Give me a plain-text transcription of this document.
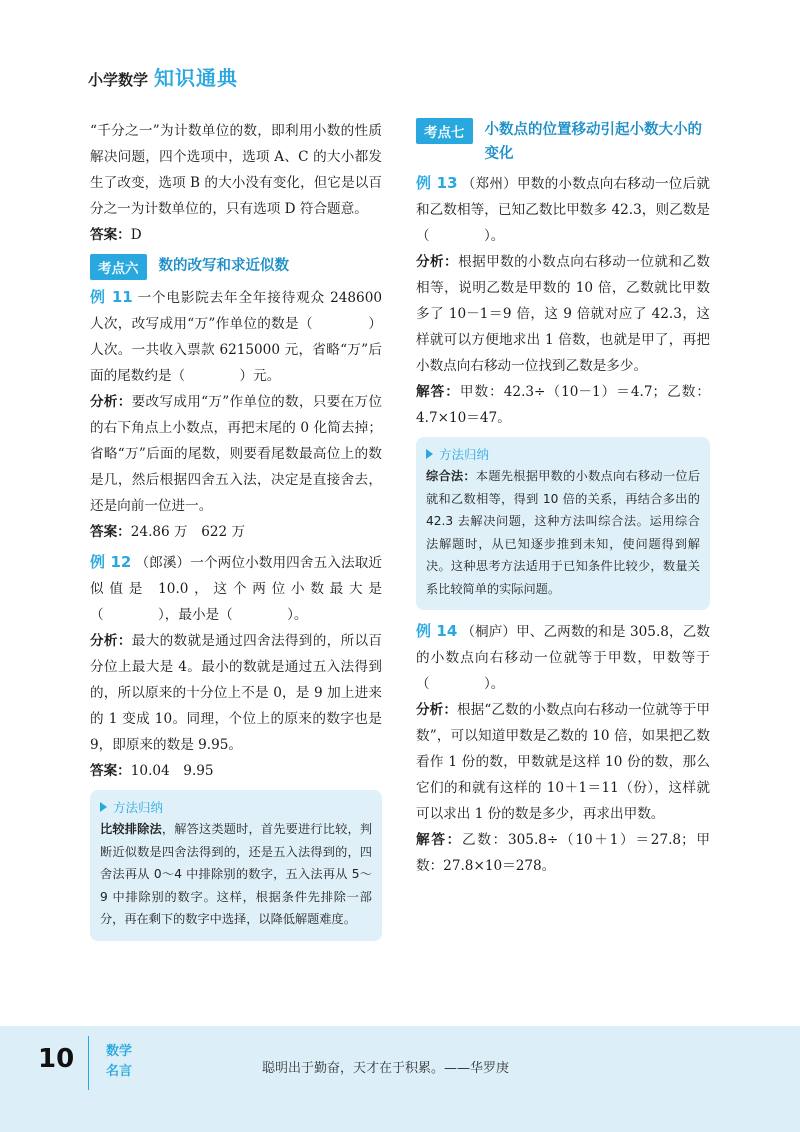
小学数学 知识通典

“千分之一”为计数单位的数，即利用小数的性质解决问题，四个选项中，选项 A、C 的大小都发生了改变，选项 B 的大小没有变化，但它是以百分之一为计数单位的，只有选项 D 符合题意。

答案：D

考点六	数的改写和求近似数

例 11 一个电影院去年全年接待观众 248600 人次，改写成用“万”作单位的数是（　　　　）人次。一共收入票款 6215000 元，省略“万”后面的尾数约是（　　　　）元。

分析：要改写成用“万”作单位的数，只要在万位的右下角点上小数点，再把末尾的 0 化简去掉；省略“万”后面的尾数，则要看尾数最高位上的数是几，然后根据四舍五入法，决定是直接舍去，还是向前一位进一。

答案：24.86 万　622 万

例 12 （郎溪）一个两位小数用四舍五入法取近似值是 10.0，这个两位小数最大是（　　　　），最小是（　　　　）。

分析：最大的数就是通过四舍法得到的，所以百分位上最大是 4。最小的数就是通过五入法得到的，所以原来的十分位上不是 0，是 9 加上进来的 1 变成 10。同理，个位上的原来的数字也是 9，即原来的数是 9.95。

答案：10.04　9.95

方法归纳
比较排除法，解答这类题时，首先要进行比较，判断近似数是四舍法得到的，还是五入法得到的，四舍法再从 0～4 中排除别的数字，五入法再从 5～9 中排除别的数字。这样，根据条件先排除一部分，再在剩下的数字中选择，以降低解题难度。
考点七	小数点的位置移动引起小数大小的变化

例 13 （郑州）甲数的小数点向右移动一位后就和乙数相等，已知乙数比甲数多 42.3，则乙数是（　　　　）。

分析：根据甲数的小数点向右移动一位就和乙数相等，说明乙数是甲数的 10 倍，乙数就比甲数多了 10－1＝9 倍，这 9 倍就对应了 42.3，这样就可以方便地求出 1 倍数，也就是甲了，再把小数点向右移动一位找到乙数是多少。

解答：甲数：42.3÷（10－1）＝4.7；乙数：4.7×10＝47。

方法归纳
综合法：本题先根据甲数的小数点向右移动一位后就和乙数相等，得到 10 倍的关系，再结合多出的 42.3 去解决问题，这种方法叫综合法。运用综合法解题时，从已知逐步推到未知，使问题得到解决。这种思考方法适用于已知条件比较少，数量关系比较简单的实际问题。

例 14 （桐庐）甲、乙两数的和是 305.8，乙数的小数点向右移动一位就等于甲数，甲数等于（　　　　）。

分析：根据“乙数的小数点向右移动一位就等于甲数”，可以知道甲数是乙数的 10 倍，如果把乙数看作 1 份的数，甲数就是这样 10 份的数，那么它们的和就有这样的 10＋1＝11（份），这样就可以求出 1 份的数是多少，再求出甲数。

解答：乙数：305.8÷（10＋1）＝27.8；甲数：27.8×10＝278。

10 数学
名言	聪明出于勤奋，天才在于积累。——华罗庚
